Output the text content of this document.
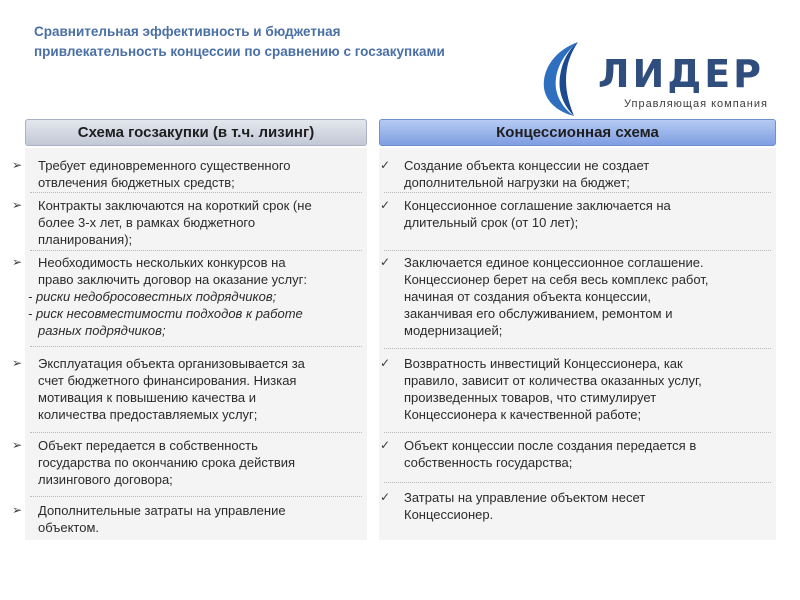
Сравнительная эффективность и бюджетная
привлекательность концессии по сравнению с госзакупками
ЛИДЕР
Управляющая компания
Схема госзакупки (в т.ч. лизинг)	Концессионная схема
➢ Требует единовременного существенного
отвлечения бюджетных средств;
➢ Контракты заключаются на короткий срок (не
более 3-х лет, в рамках бюджетного
планирования);
➢ Необходимость нескольких конкурсов на
право заключить договор на оказание услуг:
- риски недобросовестных подрядчиков;
- риск несовместимости подходов к работе
разных подрядчиков;
➢ Эксплуатация объекта организовывается за
счет бюджетного финансирования. Низкая
мотивация к повышению качества и
количества предоставляемых услуг;
➢ Объект передается в собственность
государства по окончанию срока действия
лизингового договора;
➢ Дополнительные затраты на управление
объектом.
✓ Создание объекта концессии не создает
дополнительной нагрузки на бюджет;
✓ Концессионное соглашение заключается на
длительный срок (от 10 лет);
✓ Заключается единое концессионное соглашение.
Концессионер берет на себя весь комплекс работ,
начиная от создания объекта концессии,
заканчивая его обслуживанием, ремонтом и
модернизацией;
✓ Возвратность инвестиций Концессионера, как
правило, зависит от количества оказанных услуг,
произведенных товаров, что стимулирует
Концессионера к качественной работе;
✓ Объект концессии после создания передается в
собственность государства;
✓ Затраты на управление объектом несет
Концессионер.
